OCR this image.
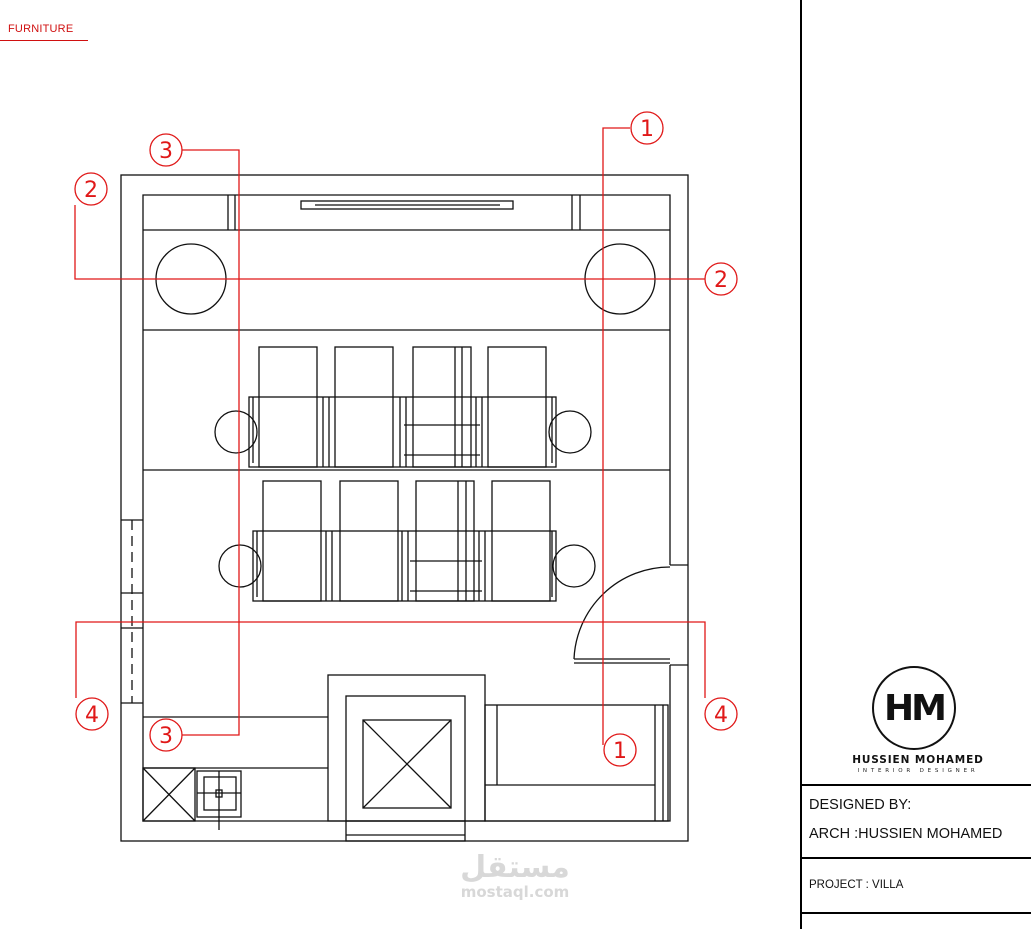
FURNITURE
1
1
2
2
3
3
4	4
مستقل
mostaql.com
HM
HUSSIEN MOHAMED
INTERIOR DESIGNER
DESIGNED BY:
ARCH :HUSSIEN MOHAMED
PROJECT : VILLA
